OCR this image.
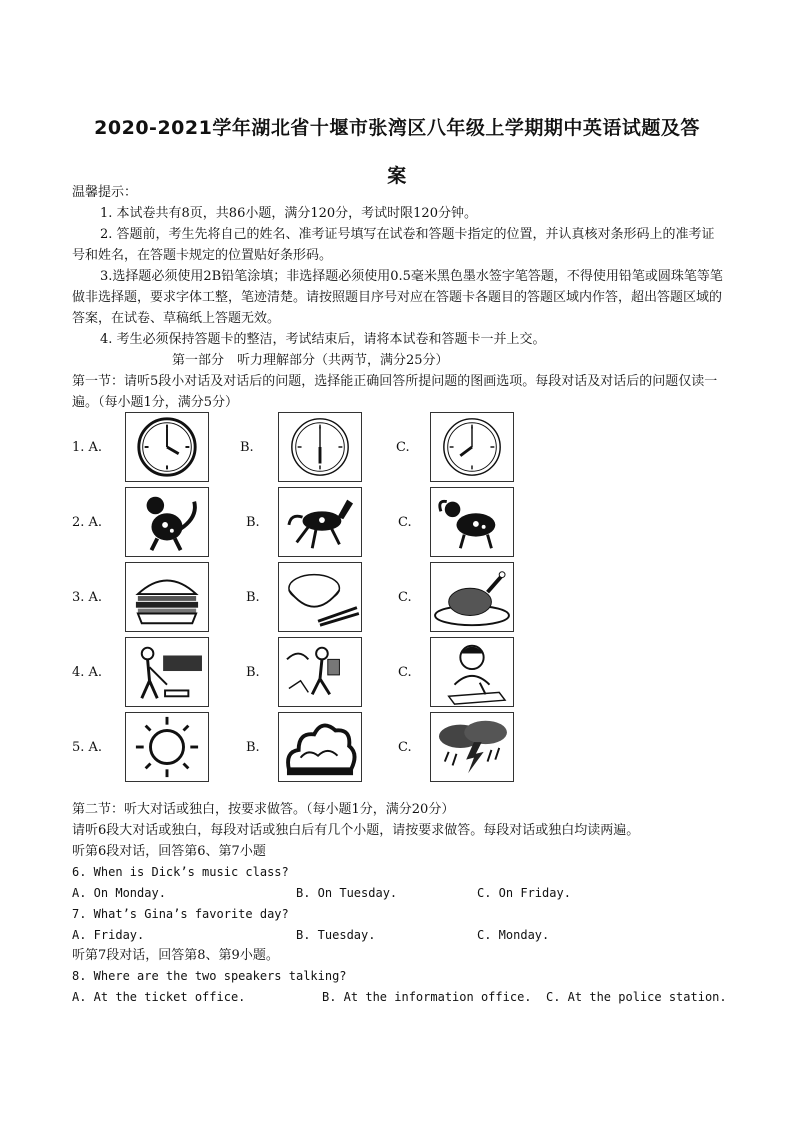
2020-2021学年湖北省十堰市张湾区八年级上学期期中英语试题及答
案

温馨提示：

1. 本试卷共有8页，共86小题，满分120分，考试时限120分钟。

2. 答题前，考生先将自己的姓名、准考证号填写在试卷和答题卡指定的位置，并认真核对条形码上的准考证号和姓名，在答题卡规定的位置贴好条形码。

3.选择题必须使用2B铅笔涂填；非选择题必须使用0.5毫米黑色墨水签字笔答题，不得使用铅笔或圆珠笔等笔做非选择题，要求字体工整，笔迹清楚。请按照题目序号对应在答题卡各题目的答题区域内作答，超出答题区域的答案，在试卷、草稿纸上答题无效。

4. 考生必须保持答题卡的整洁，考试结束后，请将本试卷和答题卡一并上交。

第一部分　听力理解部分（共两节，满分25分）

第一节：请听5段小对话及对话后的问题，选择能正确回答所提问题的图画选项。每段对话及对话后的问题仅读一遍。（每小题1分，满分5分）

1. A.	B.	C.
2. A.	B.	C.
3. A.	B.	C.
4. A.	B.	C.
5. A.	B.	C.

第二节：听大对话或独白，按要求做答。（每小题1分，满分20分）

请听6段大对话或独白，每段对话或独白后有几个小题，请按要求做答。每段对话或独白均读两遍。

听第6段对话，回答第6、第7小题

6. When is Dick’s music class?

A. On Monday.	B. On Tuesday.	C. On Friday.

7. What’s Gina’s favorite day?

A. Friday.	B. Tuesday.	C. Monday.

听第7段对话，回答第8、第9小题。

8. Where are the two speakers talking?

A. At the ticket office.	B. At the information office. C. At the police station.
